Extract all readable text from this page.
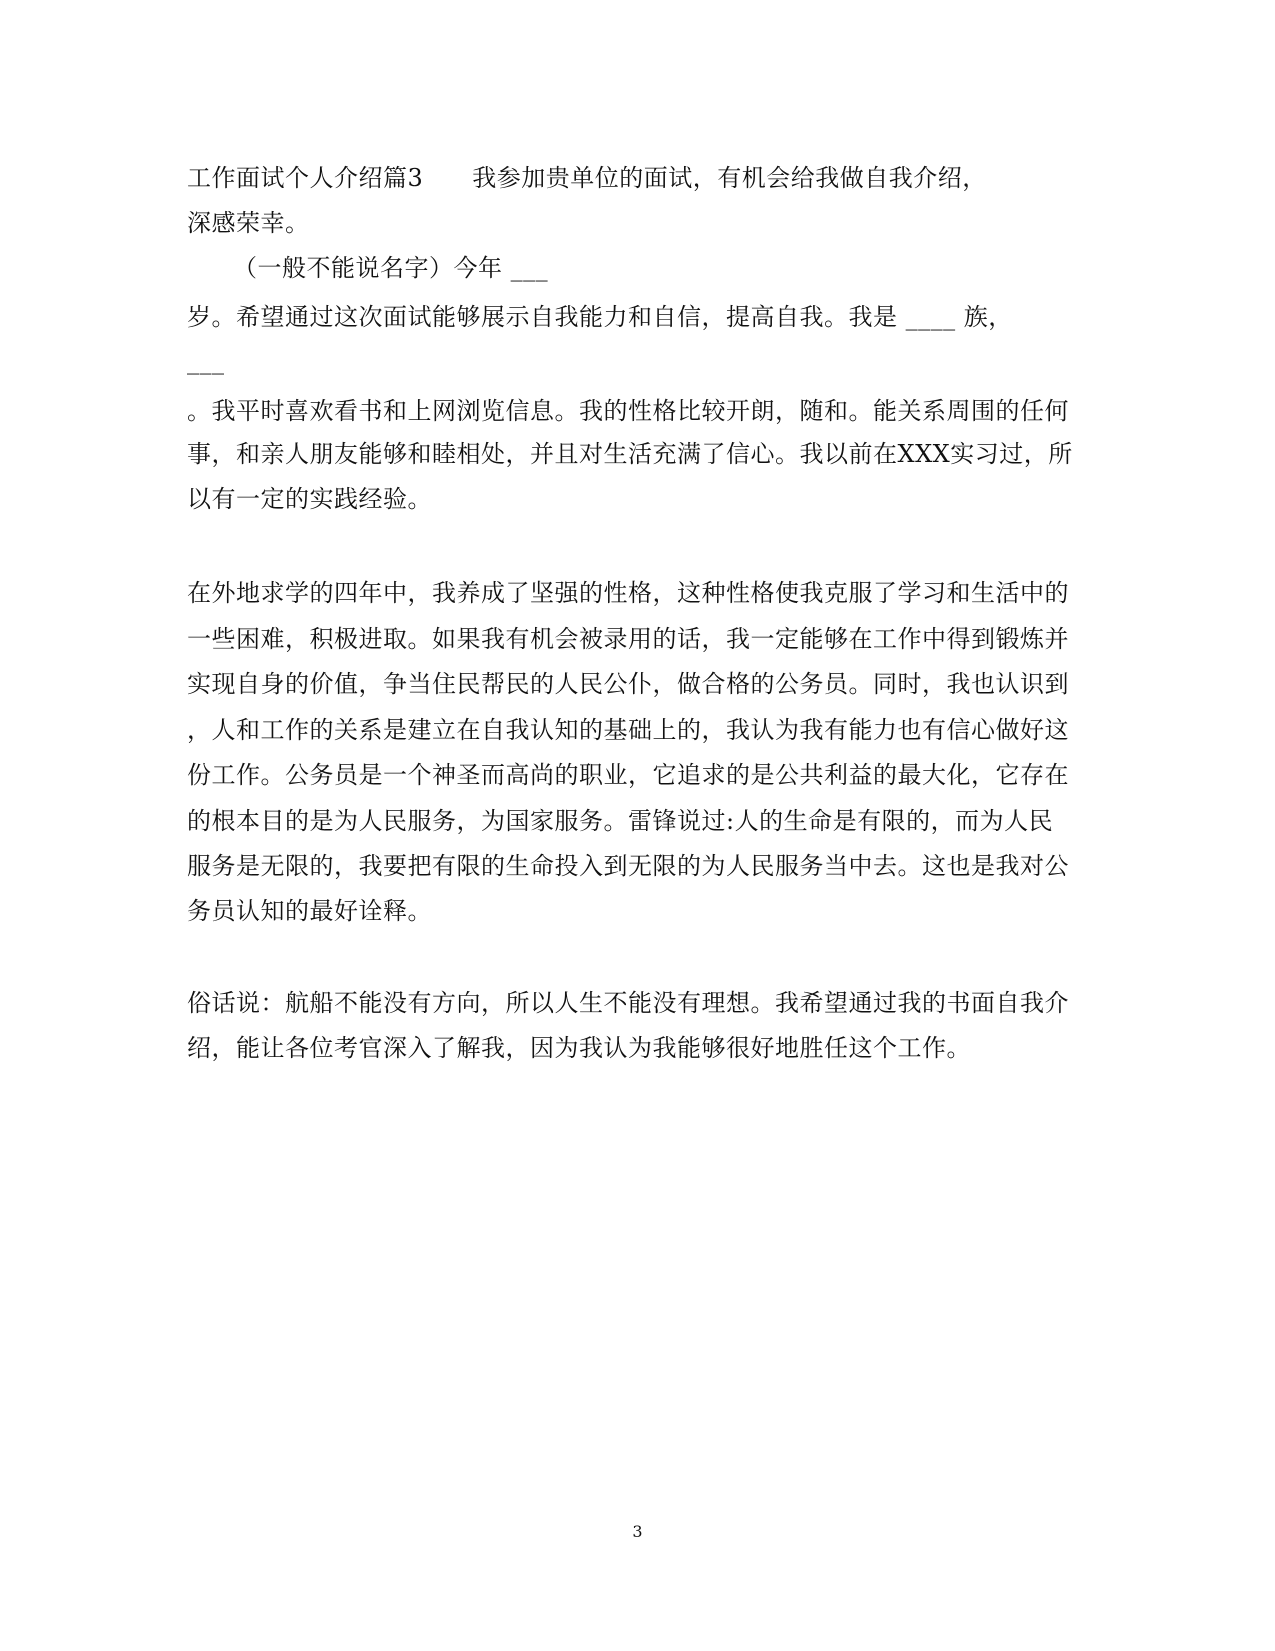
工作面试个人介绍篇3　　我参加贵单位的面试，有机会给我做自我介绍，
深感荣幸。
（一般不能说名字）今年 ___
岁。希望通过这次面试能够展示自我能力和自信，提高自我。我是 ____ 族，
___
。我平时喜欢看书和上网浏览信息。我的性格比较开朗，随和。能关系周围的任何
事，和亲人朋友能够和睦相处，并且对生活充满了信心。我以前在XXX实习过，所
以有一定的实践经验。
在外地求学的四年中，我养成了坚强的性格，这种性格使我克服了学习和生活中的
一些困难，积极进取。如果我有机会被录用的话，我一定能够在工作中得到锻炼并
实现自身的价值，争当住民帮民的人民公仆，做合格的公务员。同时，我也认识到
，人和工作的关系是建立在自我认知的基础上的，我认为我有能力也有信心做好这
份工作。公务员是一个神圣而高尚的职业，它追求的是公共利益的最大化，它存在
的根本目的是为人民服务，为国家服务。雷锋说过:人的生命是有限的，而为人民
服务是无限的，我要把有限的生命投入到无限的为人民服务当中去。这也是我对公
务员认知的最好诠释。
俗话说：航船不能没有方向，所以人生不能没有理想。我希望通过我的书面自我介
绍，能让各位考官深入了解我，因为我认为我能够很好地胜任这个工作。
3
